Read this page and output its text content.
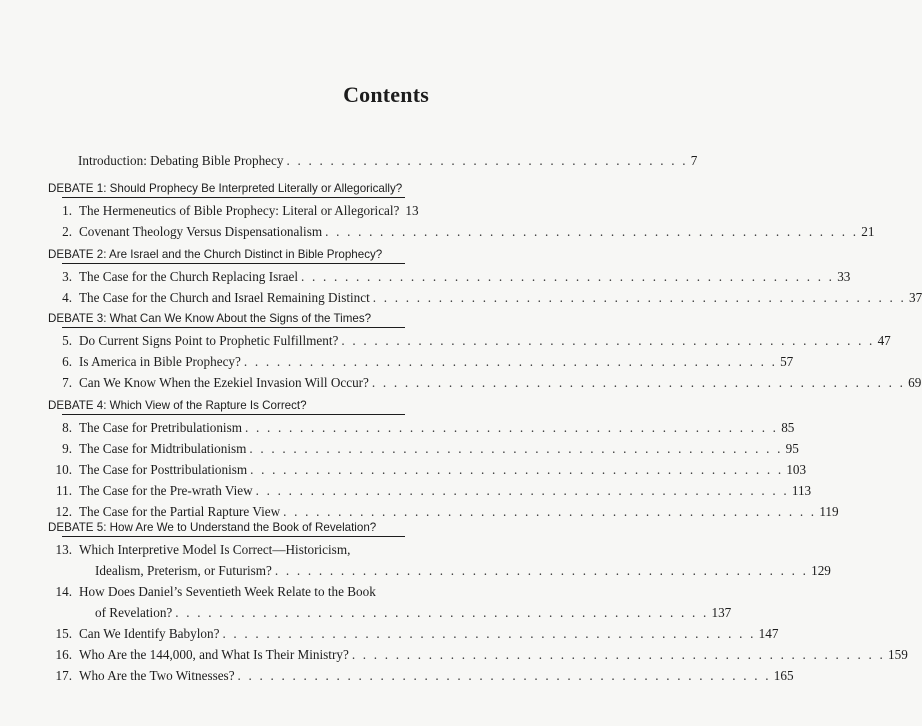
Contents
Introduction: Debating Bible Prophecy . . . . . . . . . . . . . . . . . . . . . . . . . . . . . . . . . . . . . 7
DEBATE 1: Should Prophecy Be Interpreted Literally or Allegorically?
1. The Hermeneutics of Bible Prophecy: Literal or Allegorical? 13
2. Covenant Theology Versus Dispensationalism . . . . . . . . . . . . . . . . . . . . . . . . . . . . . . . . . . . . . . . . . . . . . . . . . 21
DEBATE 2: Are Israel and the Church Distinct in Bible Prophecy?
3. The Case for the Church Replacing Israel . . . . . . . . . . . . . . . . . . . . . . . . . . . . . . . . . . . . . . . . . . . . . . . . . 33
4. The Case for the Church and Israel Remaining Distinct . . . . . . . . . . . . . . . . . . . . . . . . . . . . . . . . . . . . . . . . . . . . . . . . . 37
DEBATE 3: What Can We Know About the Signs of the Times?
5. Do Current Signs Point to Prophetic Fulfillment? . . . . . . . . . . . . . . . . . . . . . . . . . . . . . . . . . . . . . . . . . . . . . . . . . 47
6. Is America in Bible Prophecy? . . . . . . . . . . . . . . . . . . . . . . . . . . . . . . . . . . . . . . . . . . . . . . . . . 57
7. Can We Know When the Ezekiel Invasion Will Occur? . . . . . . . . . . . . . . . . . . . . . . . . . . . . . . . . . . . . . . . . . . . . . . . . . 69
DEBATE 4: Which View of the Rapture Is Correct?
8. The Case for Pretribulationism . . . . . . . . . . . . . . . . . . . . . . . . . . . . . . . . . . . . . . . . . . . . . . . . . 85
9. The Case for Midtribulationism . . . . . . . . . . . . . . . . . . . . . . . . . . . . . . . . . . . . . . . . . . . . . . . . . 95
10. The Case for Posttribulationism . . . . . . . . . . . . . . . . . . . . . . . . . . . . . . . . . . . . . . . . . . . . . . . . . 103
11. The Case for the Pre-wrath View . . . . . . . . . . . . . . . . . . . . . . . . . . . . . . . . . . . . . . . . . . . . . . . . . 113
12. The Case for the Partial Rapture View . . . . . . . . . . . . . . . . . . . . . . . . . . . . . . . . . . . . . . . . . . . . . . . . . 119
DEBATE 5: How Are We to Understand the Book of Revelation?
13. Which Interpretive Model Is Correct—Historicism,
Idealism, Preterism, or Futurism? . . . . . . . . . . . . . . . . . . . . . . . . . . . . . . . . . . . . . . . . . . . . . . . . . 129
14. How Does Daniel’s Seventieth Week Relate to the Book
of Revelation? . . . . . . . . . . . . . . . . . . . . . . . . . . . . . . . . . . . . . . . . . . . . . . . . . 137
15. Can We Identify Babylon? . . . . . . . . . . . . . . . . . . . . . . . . . . . . . . . . . . . . . . . . . . . . . . . . . 147
16. Who Are the 144,000, and What Is Their Ministry? . . . . . . . . . . . . . . . . . . . . . . . . . . . . . . . . . . . . . . . . . . . . . . . . . 159
17. Who Are the Two Witnesses? . . . . . . . . . . . . . . . . . . . . . . . . . . . . . . . . . . . . . . . . . . . . . . . . . 165
